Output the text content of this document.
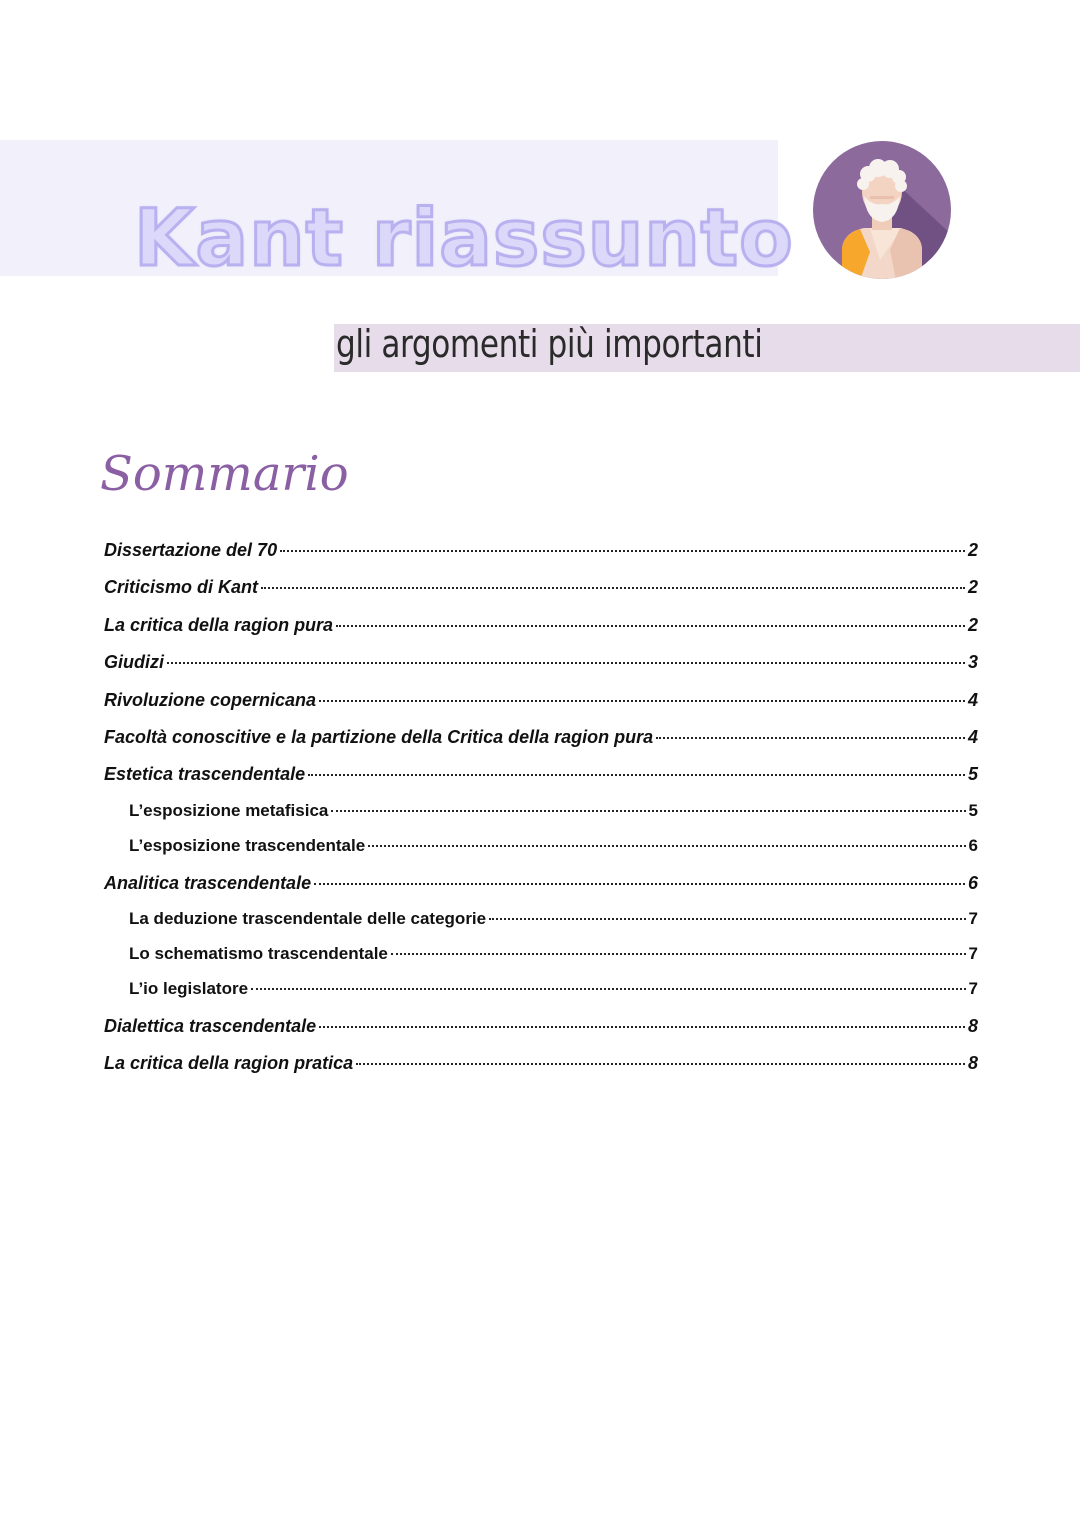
Kant riassunto
gli argomenti più importanti
Sommario
Dissertazione del 70	2
Criticismo di Kant	2
La critica della ragion pura	2
Giudizi	3
Rivoluzione copernicana	4
Facoltà conoscitive e la partizione della Critica della ragion pura	4
Estetica trascendentale	5
L’esposizione metafisica	5
L’esposizione trascendentale	6
Analitica trascendentale	6
La deduzione trascendentale delle categorie	7
Lo schematismo trascendentale	7
L’io legislatore	7
Dialettica trascendentale	8
La critica della ragion pratica	8
